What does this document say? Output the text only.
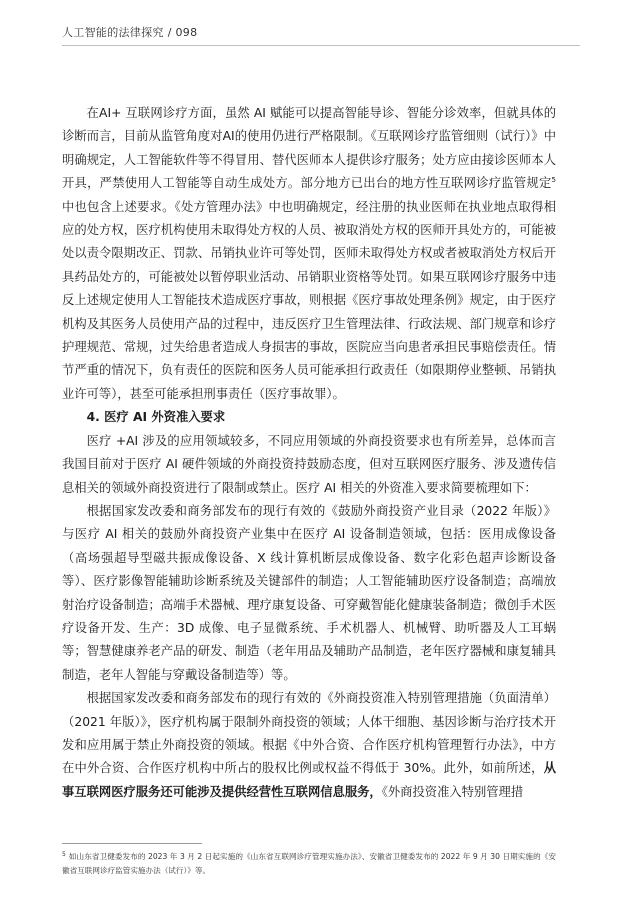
人工智能的法律探究 / 098

在AI+ 互联网诊疗方面，虽然 AI 赋能可以提高智能导诊、智能分诊效率，但就具体的诊断而言，目前从监管角度对AI的使用仍进行严格限制。《互联网诊疗监管细则（试行）》中明确规定，人工智能软件等不得冒用、替代医师本人提供诊疗服务；处方应由接诊医师本人开具，严禁使用人工智能等自动生成处方。部分地方已出台的地方性互联网诊疗监管规定$^5$中也包含上述要求。《处方管理办法》中也明确规定，经注册的执业医师在执业地点取得相应的处方权，医疗机构使用未取得处方权的人员、被取消处方权的医师开具处方的，可能被处以责令限期改正、罚款、吊销执业许可等处罚，医师未取得处方权或者被取消处方权后开具药品处方的，可能被处以暂停职业活动、吊销职业资格等处罚。如果互联网诊疗服务中违反上述规定使用人工智能技术造成医疗事故，则根据《医疗事故处理条例》规定，由于医疗机构及其医务人员使用产品的过程中，违反医疗卫生管理法律、行政法规、部门规章和诊疗护理规范、常规，过失给患者造成人身损害的事故，医院应当向患者承担民事赔偿责任。情节严重的情况下，负有责任的医院和医务人员可能承担行政责任（如限期停业整顿、吊销执业许可等），甚至可能承担刑事责任（医疗事故罪）。

4. 医疗 AI 外资准入要求

医疗 +AI 涉及的应用领域较多，不同应用领域的外商投资要求也有所差异，总体而言我国目前对于医疗 AI 硬件领域的外商投资持鼓励态度，但对互联网医疗服务、涉及遗传信息相关的领域外商投资进行了限制或禁止。医疗 AI 相关的外资准入要求简要梳理如下：

根据国家发改委和商务部发布的现行有效的《鼓励外商投资产业目录（2022 年版）》与医疗 AI 相关的鼓励外商投资产业集中在医疗 AI 设备制造领域，包括：医用成像设备（高场强超导型磁共振成像设备、X 线计算机断层成像设备、数字化彩色超声诊断设备等）、医疗影像智能辅助诊断系统及关键部件的制造；人工智能辅助医疗设备制造；高端放射治疗设备制造；高端手术器械、理疗康复设备、可穿戴智能化健康装备制造；微创手术医疗设备开发、生产：3D 成像、电子显微系统、手术机器人、机械臂、助听器及人工耳蜗等；智慧健康养老产品的研发、制造（老年用品及辅助产品制造，老年医疗器械和康复辅具制造，老年人智能与穿戴设备制造等）等。

根据国家发改委和商务部发布的现行有效的《外商投资准入特别管理措施（负面清单）（2021 年版）》，医疗机构属于限制外商投资的领域；人体干细胞、基因诊断与治疗技术开发和应用属于禁止外商投资的领域。根据《中外合资、合作医疗机构管理暂行办法》，中方在中外合资、合作医疗机构中所占的股权比例或权益不得低于 30%。此外，如前所述，从事互联网医疗服务还可能涉及提供经营性互联网信息服务，《外商投资准入特别管理措

$^5$ 如山东省卫健委发布的 2023 年 3 月 2 日起实施的《山东省互联网诊疗管理实施办法》、安徽省卫健委发布的 2022 年 9 月 30 日期实施的《安徽省互联网诊疗监管实施办法（试行）》等。
